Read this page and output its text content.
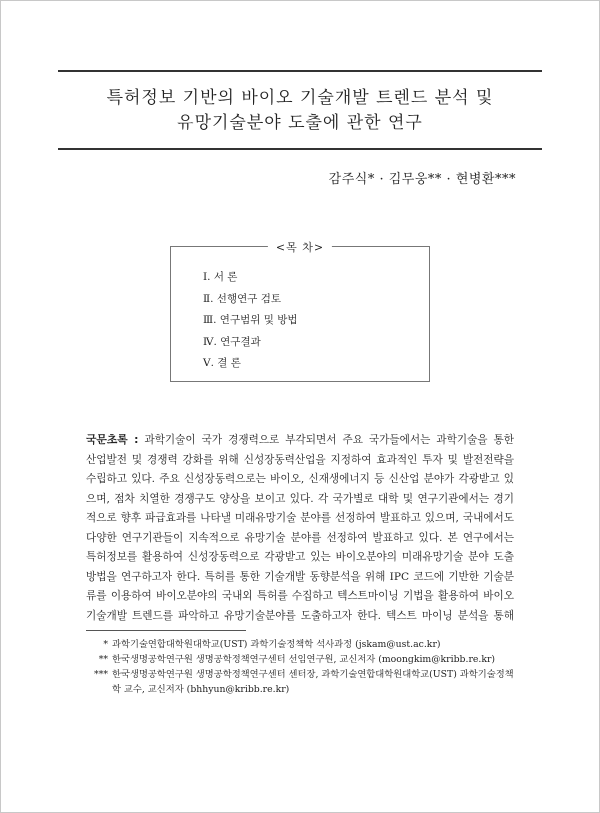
특허정보 기반의 바이오 기술개발 트렌드 분석 및
유망기술분야 도출에 관한 연구
감주식* · 김무웅** · 현병환***
<목 차>
Ⅰ. 서 론
Ⅱ. 선행연구 검토
Ⅲ. 연구범위 및 방법
Ⅳ. 연구결과
Ⅴ. 결 론
국문초록 : 과학기술이 국가 경쟁력으로 부각되면서 주요 국가들에서는 과학기술을 통한
산업발전 및 경쟁력 강화를 위해 신성장동력산업을 지정하여 효과적인 투자 및 발전전략을
수립하고 있다. 주요 신성장동력으로는 바이오, 신재생에너지 등 신산업 분야가 각광받고 있
으며, 점차 치열한 경쟁구도 양상을 보이고 있다. 각 국가별로 대학 및 연구기관에서는 경기
적으로 향후 파급효과를 나타낼 미래유망기술 분야를 선정하여 발표하고 있으며, 국내에서도
다양한 연구기관들이 지속적으로 유망기술 분야를 선정하여 발표하고 있다. 본 연구에서는
특허정보를 활용하여 신성장동력으로 각광받고 있는 바이오분야의 미래유망기술 분야 도출
방법을 연구하고자 한다. 특허를 통한 기술개발 동향분석을 위해 IPC 코드에 기반한 기술분
류를 이용하여 바이오분야의 국내외 특허를 수집하고 텍스트마이닝 기법을 활용하여 바이오
기술개발 트렌드를 파악하고 유망기술분야를 도출하고자 한다. 텍스트 마이닝 분석을 통해
* 과학기술연합대학원대학교(UST) 과학기술정책학 석사과정 (jskam@ust.ac.kr)
** 한국생명공학연구원 생명공학정책연구센터 선임연구원, 교신저자 (moongkim@kribb.re.kr)
*** 한국생명공학연구원 생명공학정책연구센터 센터장, 과학기술연합대학원대학교(UST) 과학기술정책학 교수, 교신저자 (bhhyun@kribb.re.kr)
